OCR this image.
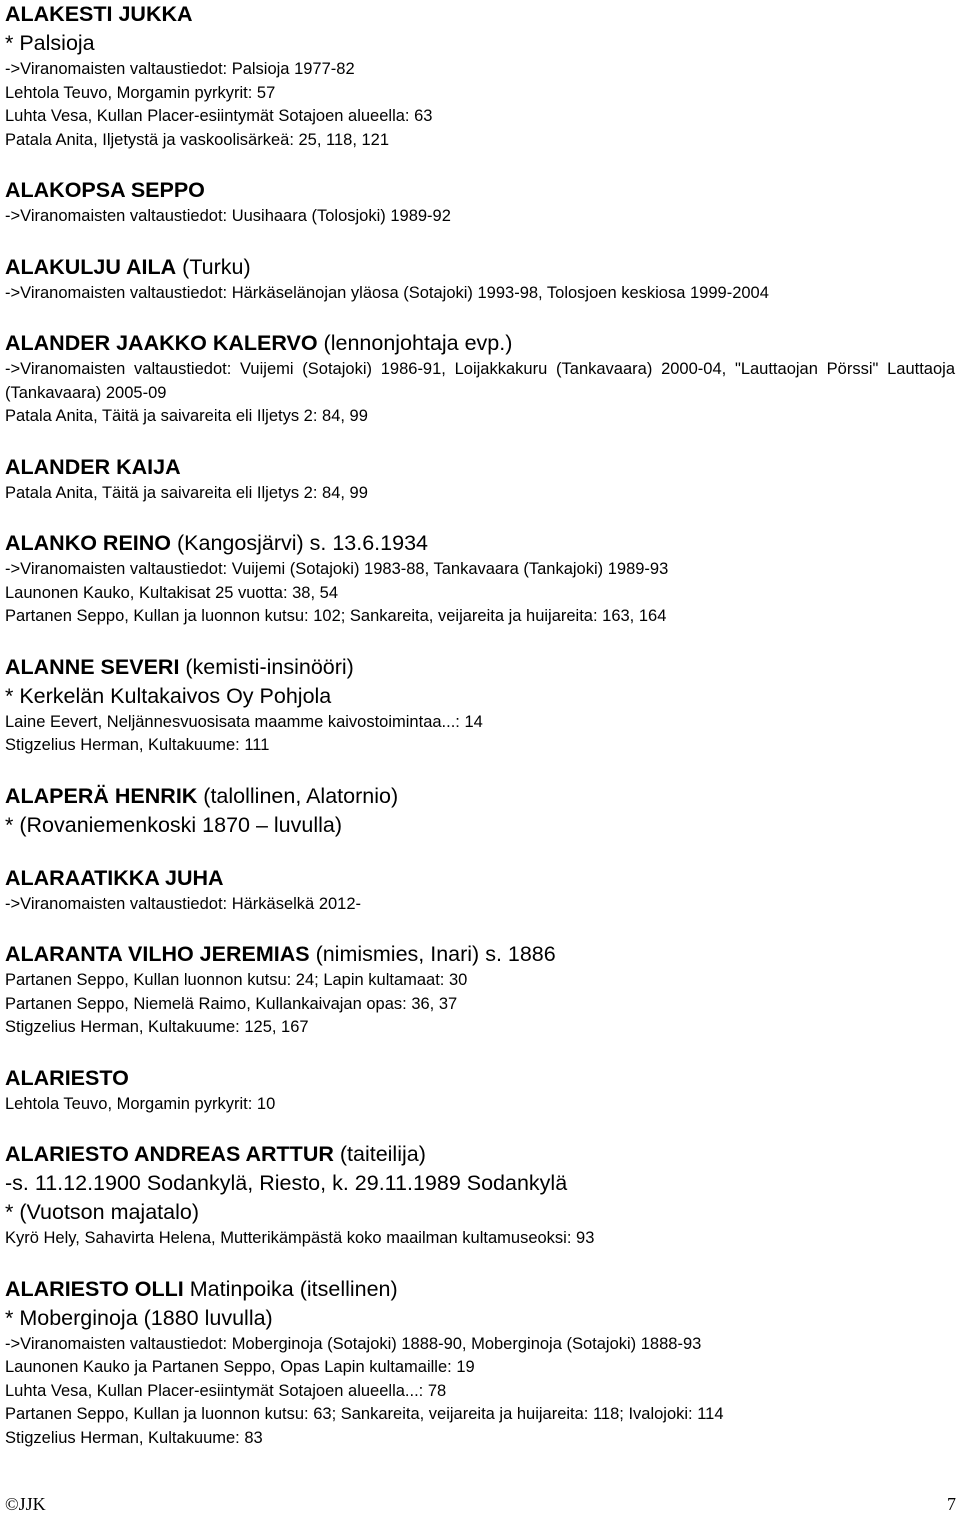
ALAKESTI JUKKA
* Palsioja
->Viranomaisten valtaustiedot: Palsioja 1977-82
Lehtola Teuvo, Morgamin pyrkyrit: 57
Luhta Vesa, Kullan Placer-esiintymät Sotajoen alueella: 63
Patala Anita, Iljetystä ja vaskoolisärkeä: 25, 118, 121
ALAKOPSA SEPPO
->Viranomaisten valtaustiedot: Uusihaara (Tolosjoki) 1989-92
ALAKULJU AILA (Turku)
->Viranomaisten valtaustiedot: Härkäselänojan yläosa (Sotajoki) 1993-98, Tolosjoen keskiosa 1999-2004
ALANDER JAAKKO KALERVO (lennonjohtaja evp.)
->Viranomaisten valtaustiedot: Vuijemi (Sotajoki) 1986-91, Loijakkakuru (Tankavaara) 2000-04, "Lauttaojan Pörssi" Lauttaoja (Tankavaara) 2005-09
Patala Anita, Täitä ja saivareita eli Iljetys 2: 84, 99
ALANDER KAIJA
Patala Anita, Täitä ja saivareita eli Iljetys 2: 84, 99
ALANKO REINO (Kangosjärvi) s. 13.6.1934
->Viranomaisten valtaustiedot: Vuijemi (Sotajoki) 1983-88, Tankavaara (Tankajoki) 1989-93
Launonen Kauko, Kultakisat 25 vuotta: 38, 54
Partanen Seppo, Kullan ja luonnon kutsu: 102; Sankareita, veijareita ja huijareita: 163, 164
ALANNE SEVERI (kemisti-insinööri)
* Kerkelän Kultakaivos Oy Pohjola
Laine Eevert, Neljännesvuosisata maamme kaivostoimintaa...: 14
Stigzelius Herman, Kultakuume: 111
ALAPERÄ HENRIK (talollinen, Alatornio)
* (Rovaniemenkoski 1870 – luvulla)
ALARAATIKKA JUHA
->Viranomaisten valtaustiedot: Härkäselkä 2012-
ALARANTA VILHO JEREMIAS (nimismies, Inari) s. 1886
Partanen Seppo, Kullan luonnon kutsu: 24; Lapin kultamaat: 30
Partanen Seppo, Niemelä Raimo, Kullankaivajan opas: 36, 37
Stigzelius Herman, Kultakuume: 125, 167
ALARIESTO
Lehtola Teuvo, Morgamin pyrkyrit: 10
ALARIESTO ANDREAS ARTTUR (taiteilija)
-s. 11.12.1900 Sodankylä, Riesto, k. 29.11.1989 Sodankylä
* (Vuotson majatalo)
Kyrö Hely, Sahavirta Helena, Mutterikämpästä koko maailman kultamuseoksi: 93
ALARIESTO OLLI Matinpoika (itsellinen)
* Moberginoja (1880 luvulla)
->Viranomaisten valtaustiedot: Moberginoja (Sotajoki) 1888-90, Moberginoja (Sotajoki) 1888-93
Launonen Kauko ja Partanen Seppo, Opas Lapin kultamaille: 19
Luhta Vesa, Kullan Placer-esiintymät Sotajoen alueella...: 78
Partanen Seppo, Kullan ja luonnon kutsu: 63; Sankareita, veijareita ja huijareita: 118; Ivalojoki: 114
Stigzelius Herman, Kultakuume: 83
©JJK	7
